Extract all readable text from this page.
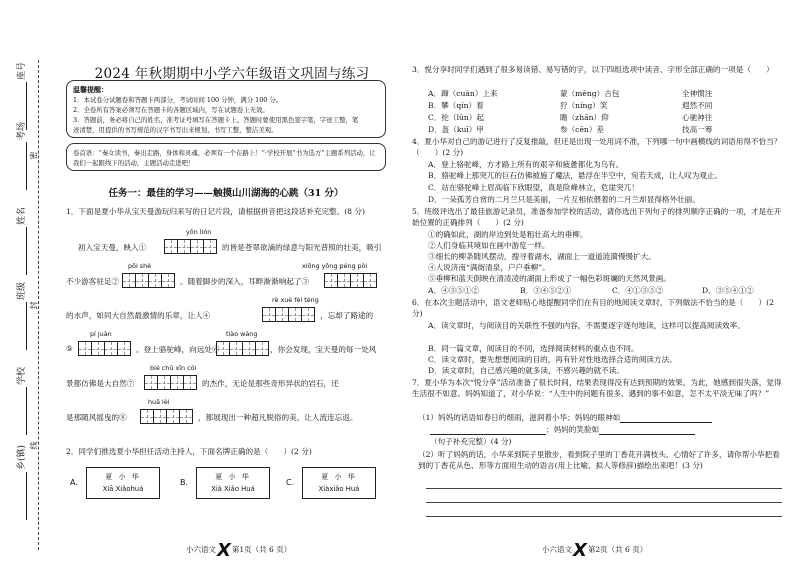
座号
考场
姓名
班级
学校
乡(镇)
密
封
线
2024 年秋期期中小学六年级语文巩固与练习
温馨提醒：
1．本试卷分试题卷和答题卡两部分，考试时间 100 分钟，满分 100 分。
2．全卷所有答案必须写在答题卡的各题区域内，写在试题卷上无效。
3．答题前，务必将自己的姓名、准考证号填写在答题卡上。答题时要使用黑色签字笔，字迹工整，笔
迹清楚，用提供的书写规范的汉字书写出来规划，书写工整，整洁美观。
卷首语：“秦女读书，秦出走路，身体和灵魂，必须有一个在路上！”·学校开展“书为选方”主题系列活动，让我们一起跟线下的活动，主题活动走进吧！
任务一：最佳的学习——触摸山川湖海的心跳（31 分）
1．下面是夏小华从宝天曼游玩归来写的日记片段，请根据拼音把这段话补充完整。(8 分)
yǒn lión
初入宝天曼，映入①	的皆是苍翠欲滴的绿意与阳光普照的壮美，吸引
pōi shè	xiōng yōng péng pòi
不少游客驻足②	。随着脚步的深入，耳畔渐渐响起了③
rè xuè fèi téng
的水声，如同大自然最激情的乐章，让人④	，忘却了路途的
pí juàn	tiào wàng
⑤	。登上骆驼峰，向远处⑥	，你会发现，宝天曼的每一处风
bié chū xīn cói
景都仿佛是大自然⑦	的杰作，无论是那些奇形异状的岩石，还
huā lèi
是那随风摇曳的⑧	，都展现出一种超凡脱俗的美，让人流连忘返。
2．同学们推选夏小华担任活动主持人，下面名牌正确的是（　　）(2 分)
A.
夏 小 华
Xiā Xiǎohuá
B.
夏 小 华
Xià Xiǎo Huá
C.
夏 小 华
Xiàxiǎo Huá
小六语文X第1页（共 6 页）
3．悦分享时同学们遇到了很多易读错、易写错的字，以下四组选项中读音、字形全部正确的一项是（　　）
A．蹿（cuàn）上来	蒙（měng）古包	全神惯注
B．攀（qín）着	狞（níng）笑	遐然不同
C．抡（lūn）起	瞻（zhān）仰	心驰神往
D．盔（kuī）甲	参（cēn）差	技高一筹
4．夏小华对自己的游记进行了反复推敲，但还是出现一处用词不准，下列哪一句中画横线的词语用得不恰当？（　　）(2 分)
A．登上骆驼峰，方才路上所有的艰辛和疲惫都化为乌有。
B．骆驼峰上那突兀的巨石仿佛被施了魔法，悬浮在半空中，宛若天成，让人叹为观止。
C．站在骆驼峰上眉高临下欣眼望，真是险峰林立，危崖突兀！
D．一朵孤芳自赏的二月兰只是美丽，一片互相依偎着的二月兰却显得格外壮丽。
5．班级评选出了最佳旅游记录员，准备参加学校的活动，请你选出下列句子的排列顺序正确的一项，才是在开始位置的正确排列（　　）(2 分)
①的确如此，湖的岸边到处是粗壮高大的垂柳。
②人们身临其境如在画中游览一样。
③细长的柳条随风摆动，搜寻着湖水，湖面上一道道涟漪慢慢扩大。
④人说济南“满街清泉，户户垂柳”。
⑤垂柳和蓝天倒映在清凌凌的湖面上形成了一幅色彩斑斓的天然风景画。
A．④③⑤①②	B．③④⑤②①	C．④①③⑤②	D．③⑤④①②
6．在本次主题活动中，语文老师贴心地提醒同学们在有目的地阅读文章时，下列做法不恰当的是（　　）(2 分)
A．读文章时，与阅读目的关联性不强的内容，不需要逐字逐句地读，这样可以提高阅读效率。
B．同一篇文章，阅读目的不同，选择阅读材料的重点也不同。
C．读文章时，要先想想阅读的目的，再有针对性地选择合适的阅读方法。
D．读文章时，自己感兴趣的就多读，不感兴趣的就不读。
7．夏小华为本次“悦分享”活动准备了很长时间，结果表现得没有达到预期的效果。为此，她感到很失落，觉得生活很不如意。妈妈知道了，对小华说：“人生中的问题有很多，遇到的事不如意，怎不太平淡无味了吗？”
（1）妈妈的话语如春日的细雨，滋润着小华；妈妈的眼神如
；妈妈的笑脸如
（句子补充完整）(4 分)
（2）听了妈妈的话，小华来到院子里散步，看到院子里的丁香花开满枝头，心情好了许多，请你帮小华把看到的丁香花从色、形等方面用生动的语言(用上比喻、拟人等修辞)描绘出来吧！(3 分)
小六语文X第2页（共 6 页）
